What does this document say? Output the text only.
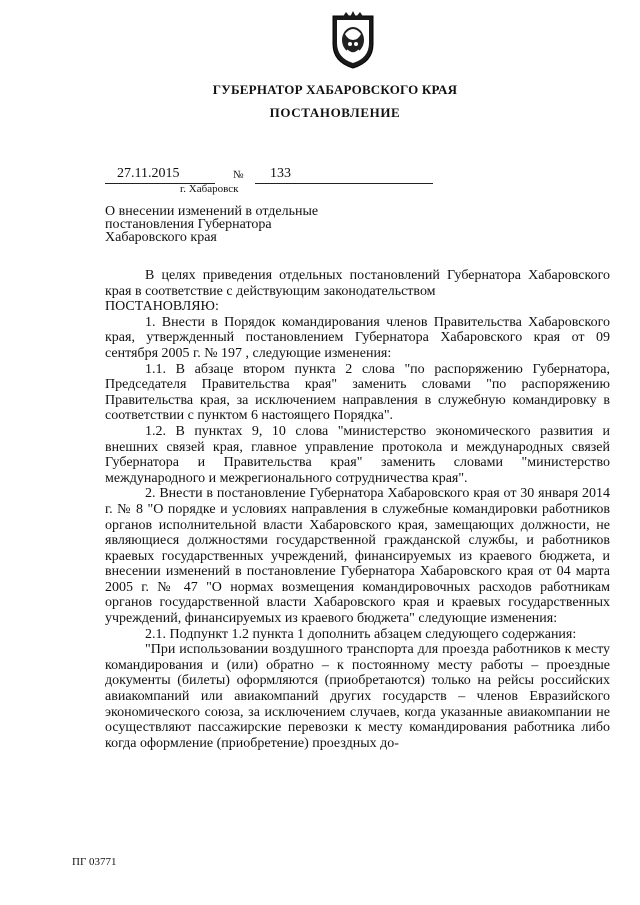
ГУБЕРНАТОР ХАБАРОВСКОГО КРАЯ
ПОСТАНОВЛЕНИЕ
27.11.2015	№ 133
г. Хабаровск
О внесении изменений в отдельные постановления Губернатора Хабаровского края

В целях приведения отдельных постановлений Губернатора Хабаровского края в соответствие с действующим законодательством

ПОСТАНОВЛЯЮ:

1. Внести в Порядок командирования членов Правительства Хабаровского края, утвержденный постановлением Губернатора Хабаровского края от 09 сентября 2005 г. № 197 , следующие изменения:

1.1. В абзаце втором пункта 2 слова "по распоряжению Губернатора, Председателя Правительства края" заменить словами "по распоряжению Правительства края, за исключением направления в служебную командировку в соответствии с пунктом 6 настоящего Порядка".

1.2. В пунктах 9, 10 слова "министерство экономического развития и внешних связей края, главное управление протокола и международных связей Губернатора и Правительства края" заменить словами "министерство международного и межрегионального сотрудничества края".

2. Внести в постановление Губернатора Хабаровского края от 30 января 2014 г. № 8 "О порядке и условиях направления в служебные командировки работников органов исполнительной власти Хабаровского края, замещающих должности, не являющиеся должностями государственной гражданской службы, и работников краевых государственных учреждений, финансируемых из краевого бюджета, и внесении изменений в постановление Губернатора Хабаровского края от 04 марта 2005 г. № 47 "О нормах возмещения командировочных расходов работникам органов государственной власти Хабаровского края и краевых государственных учреждений, финансируемых из краевого бюджета" следующие изменения:

2.1. Подпункт 1.2 пункта 1 дополнить абзацем следующего содержания:

"При использовании воздушного транспорта для проезда работников к месту командирования и (или) обратно – к постоянному месту работы – проездные документы (билеты) оформляются (приобретаются) только на рейсы российских авиакомпаний или авиакомпаний других государств – членов Евразийского экономического союза, за исключением случаев, когда указанные авиакомпании не осуществляют пассажирские перевозки к месту командирования работника либо когда оформление (приобретение) проездных до-

ПГ 03771
